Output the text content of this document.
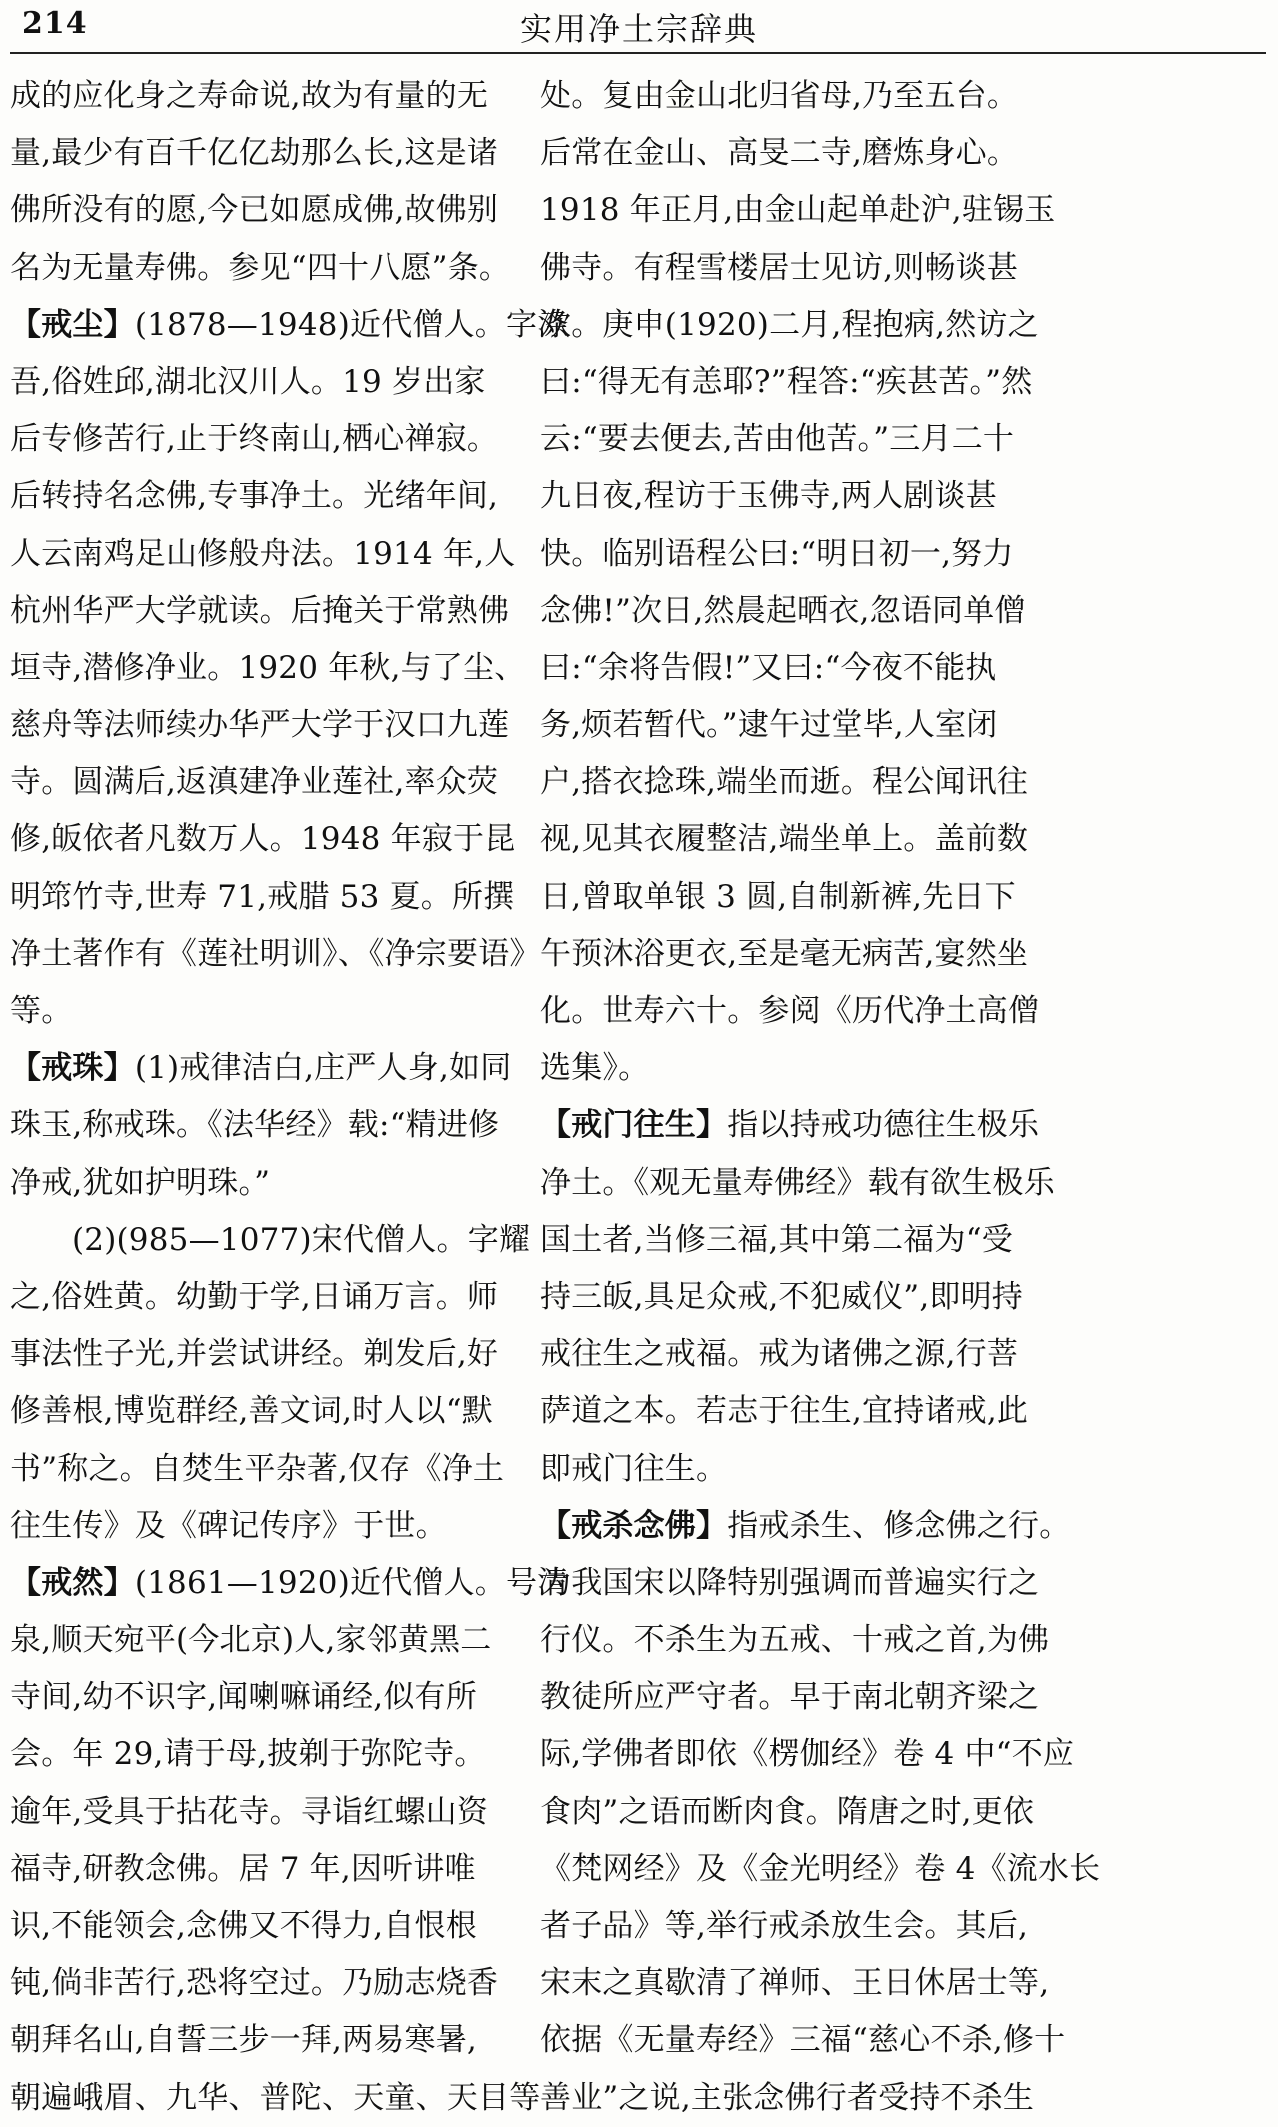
214	实用净土宗辞典
成的应化身之寿命说,故为有量的无
量,最少有百千亿亿劫那么长,这是诸
佛所没有的愿,今已如愿成佛,故佛别
名为无量寿佛。参见“四十八愿”条。
【戒尘】(1878—1948)近代僧人。字涤
吾,俗姓邱,湖北汉川人。19 岁出家
后专修苦行,止于终南山,栖心禅寂。
后转持名念佛,专事净土。光绪年间,
人云南鸡足山修般舟法。1914 年,人
杭州华严大学就读。后掩关于常熟佛
垣寺,潜修净业。1920 年秋,与了尘、
慈舟等法师续办华严大学于汉口九莲
寺。圆满后,返滇建净业莲社,率众荧
修,皈依者凡数万人。1948 年寂于昆
明筇竹寺,世寿 71,戒腊 53 夏。所撰
净土著作有《莲社明训》、《净宗要语》
等。
【戒珠】(1)戒律洁白,庄严人身,如同
珠玉,称戒珠。《法华经》载:“精进修
净戒,犹如护明珠。”
(2)(985—1077)宋代僧人。字耀
之,俗姓黄。幼勤于学,日诵万言。师
事法性子光,并尝试讲经。剃发后,好
修善根,博览群经,善文词,时人以“默
书”称之。自焚生平杂著,仅存《净土
往生传》及《碑记传序》于世。
【戒然】(1861—1920)近代僧人。号清
泉,顺天宛平(今北京)人,家邻黄黑二
寺间,幼不识字,闻喇嘛诵经,似有所
会。年 29,请于母,披剃于弥陀寺。
逾年,受具于拈花寺。寻诣红螺山资
福寺,研教念佛。居 7 年,因听讲唯
识,不能领会,念佛又不得力,自恨根
钝,倘非苦行,恐将空过。乃励志烧香
朝拜名山,自誓三步一拜,两易寒暑,
朝遍峨眉、九华、普陀、天童、天目等
处。复由金山北归省母,乃至五台。
后常在金山、高旻二寺,磨炼身心。
1918 年正月,由金山起单赴沪,驻锡玉
佛寺。有程雪楼居士见访,则畅谈甚
欢。庚申(1920)二月,程抱病,然访之
曰:“得无有恙耶?”程答:“疾甚苦。”然
云:“要去便去,苦由他苦。”三月二十
九日夜,程访于玉佛寺,两人剧谈甚
快。临别语程公曰:“明日初一,努力
念佛!”次日,然晨起晒衣,忽语同单僧
曰:“余将告假!”又曰:“今夜不能执
务,烦若暂代。”逮午过堂毕,人室闭
户,搭衣捻珠,端坐而逝。程公闻讯往
视,见其衣履整洁,端坐单上。盖前数
日,曾取单银 3 圆,自制新裤,先日下
午预沐浴更衣,至是毫无病苦,宴然坐
化。世寿六十。参阅《历代净土高僧
选集》。
【戒门往生】指以持戒功德往生极乐
净土。《观无量寿佛经》载有欲生极乐
国土者,当修三福,其中第二福为“受
持三皈,具足众戒,不犯威仪”,即明持
戒往生之戒福。戒为诸佛之源,行菩
萨道之本。若志于往生,宜持诸戒,此
即戒门往生。
【戒杀念佛】指戒杀生、修念佛之行。
为我国宋以降特别强调而普遍实行之
行仪。不杀生为五戒、十戒之首,为佛
教徒所应严守者。早于南北朝齐梁之
际,学佛者即依《楞伽经》卷 4 中“不应
食肉”之语而断肉食。隋唐之时,更依
《梵网经》及《金光明经》卷 4《流水长
者子品》等,举行戒杀放生会。其后,
宋末之真歇清了禅师、王日休居士等,
依据《无量寿经》三福“慈心不杀,修十
善业”之说,主张念佛行者受持不杀生
